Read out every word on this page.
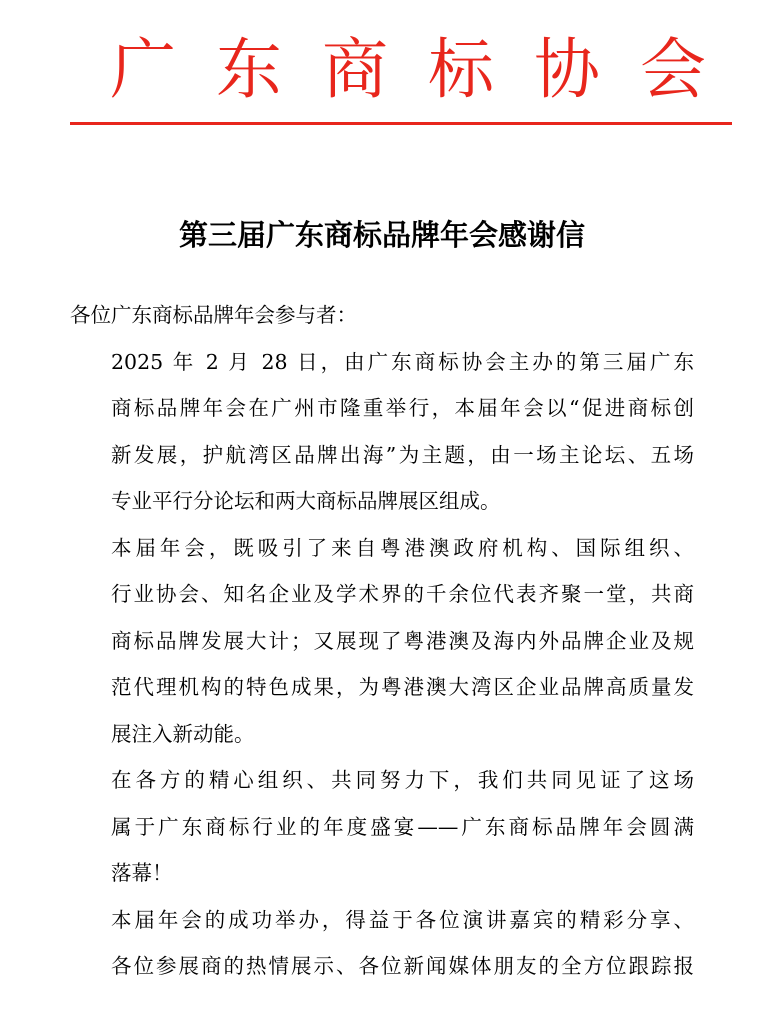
广东商标协会
第三届广东商标品牌年会感谢信

各位广东商标品牌年会参与者：

2025 年 2 月 28 日，由广东商标协会主办的第三届广东
商标品牌年会在广州市隆重举行，本届年会以“促进商标创
新发展，护航湾区品牌出海”为主题，由一场主论坛、五场
专业平行分论坛和两大商标品牌展区组成。

本届年会，既吸引了来自粤港澳政府机构、国际组织、
行业协会、知名企业及学术界的千余位代表齐聚一堂，共商
商标品牌发展大计；又展现了粤港澳及海内外品牌企业及规
范代理机构的特色成果，为粤港澳大湾区企业品牌高质量发
展注入新动能。

在各方的精心组织、共同努力下，我们共同见证了这场
属于广东商标行业的年度盛宴——广东商标品牌年会圆满
落幕！

本届年会的成功举办，得益于各位演讲嘉宾的精彩分享、
各位参展商的热情展示、各位新闻媒体朋友的全方位跟踪报
